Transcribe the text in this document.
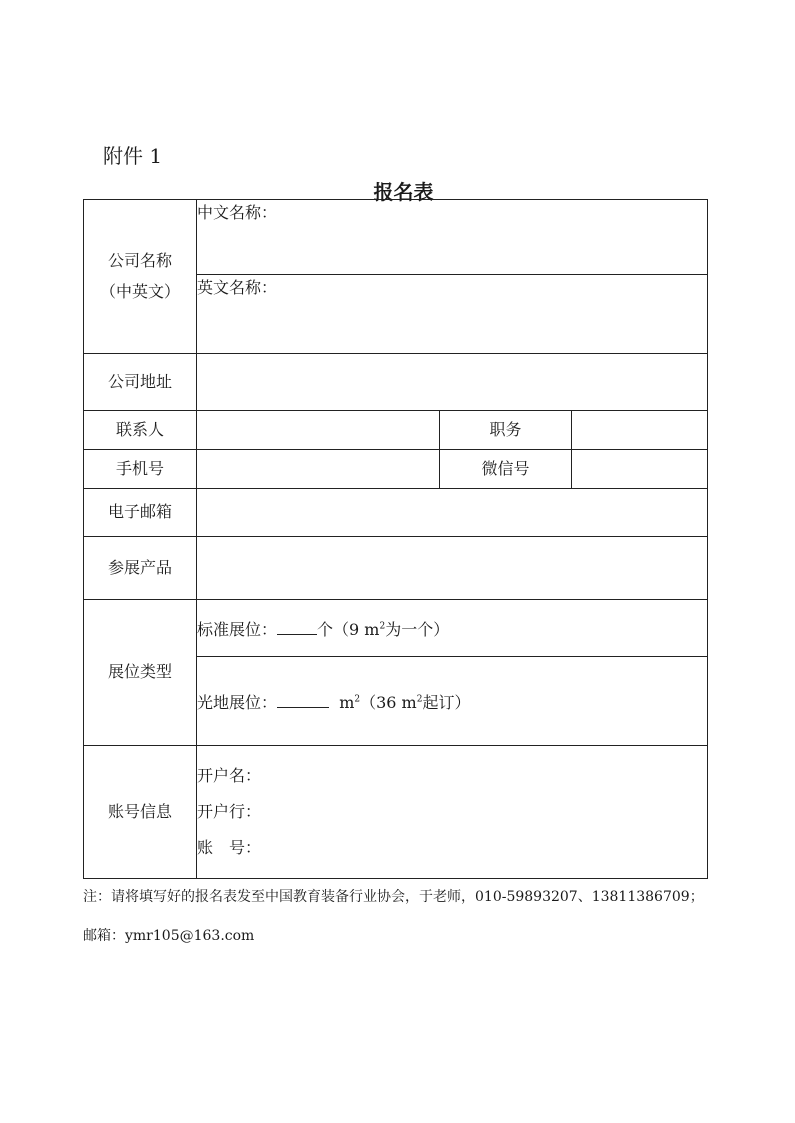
附件 1
报名表
公司名称
（中英文）	中文名称：		
	英文名称：		
公司地址			
联系人		职务	
手机号		微信号	
电子邮箱			
参展产品			
展位类型	标准展位： 个（9 $m^2$为一个）		
	光地展位： $m^2(36$ $m^2$起订）		
账号信息	开户名：
开户行：
账　号：		
注：请将填写好的报名表发至中国教育装备行业协会，于老师，010-59893207、13811386709；
邮箱：ymr105@163.com
